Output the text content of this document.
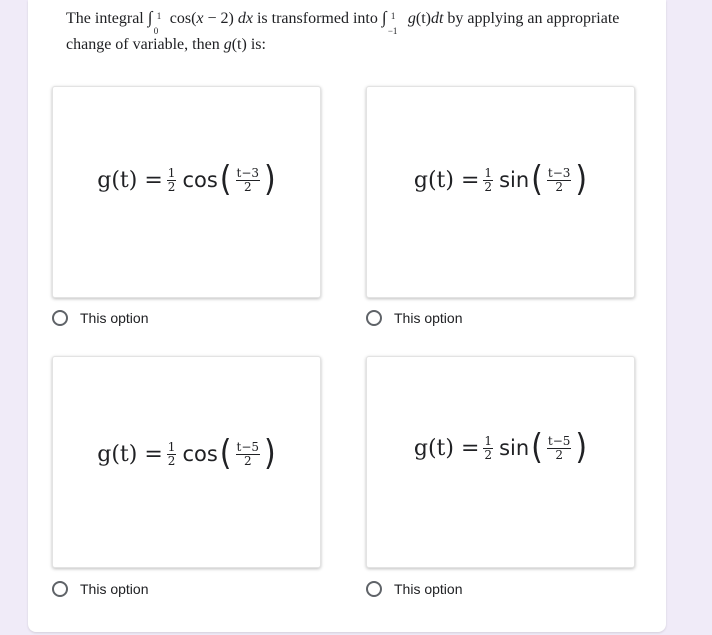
The integral ∫ 1
0
cos(x − 2) dx is transformed into ∫ 1
−1
g(t)dt by applying an appropriate change of variable, then g(t) is:
$g(t) = \frac{1}{2}$ cos ( $\frac{t-3}{2}$ )
This option
$g(t) = \frac{1}{2}$ sin ( $\frac{t-3}{2}$ )
This option
$g(t) = \frac{1}{2}$ cos ( $\frac{t-5}{2}$ )
This option
$g(t) = \frac{1}{2}$ sin ( $\frac{t-5}{2}$ )
This option
